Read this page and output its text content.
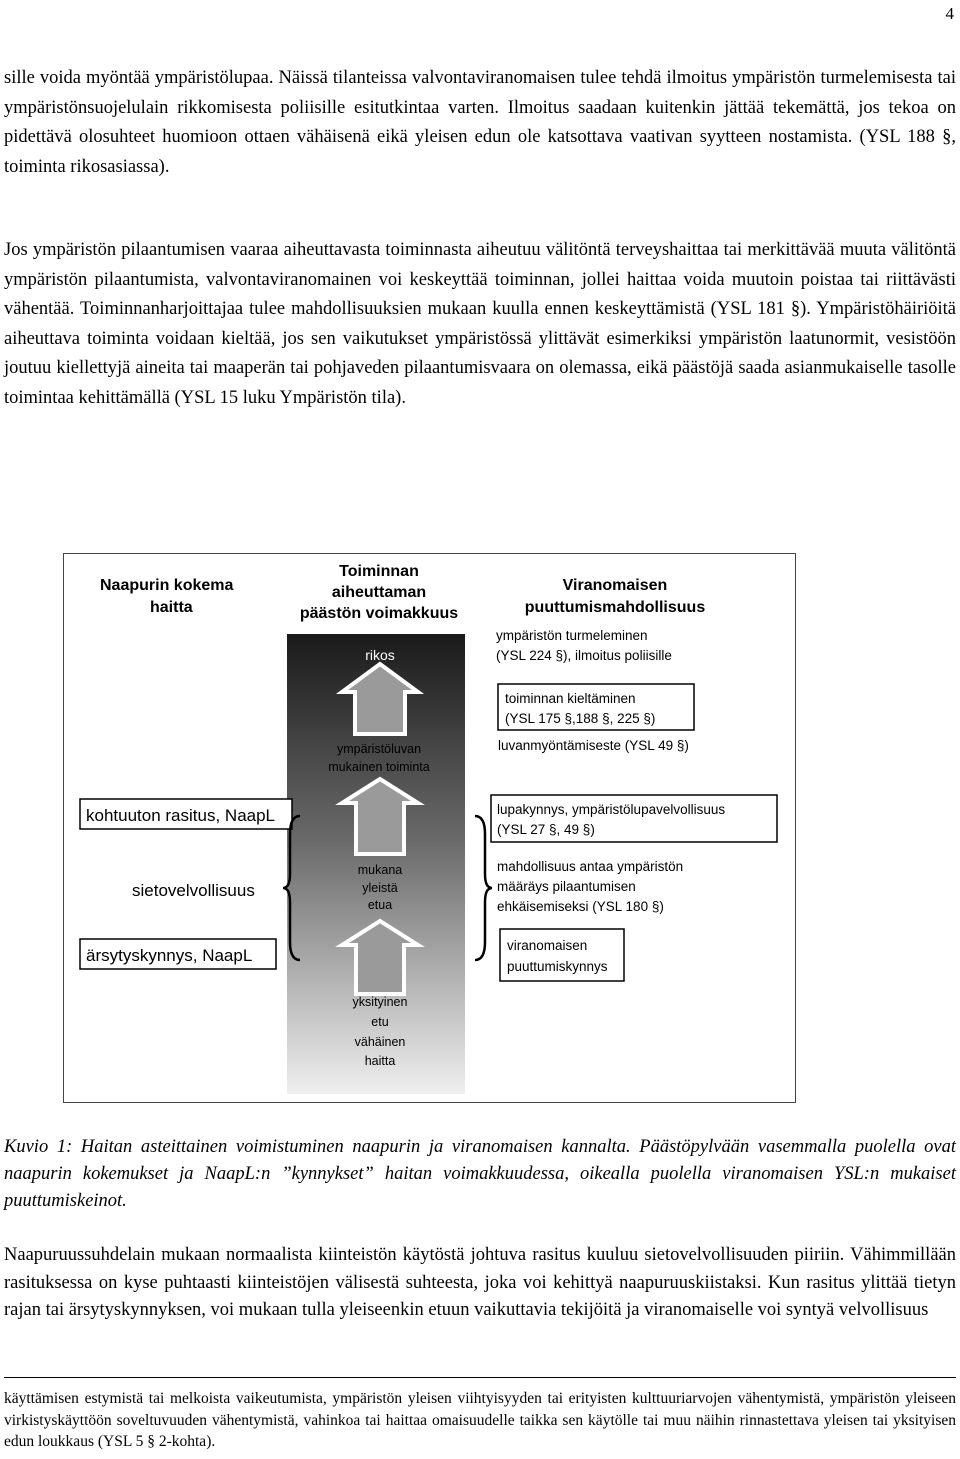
4

sille voida myöntää ympäristölupaa. Näissä tilanteissa valvontaviranomaisen tulee tehdä ilmoitus ympäristön turmelemisesta tai ympäristönsuojelulain rikkomisesta poliisille esitutkintaa varten. Ilmoitus saadaan kuitenkin jättää tekemättä, jos tekoa on pidettävä olosuhteet huomioon ottaen vähäisenä eikä yleisen edun ole katsottava vaativan syytteen nostamista. (YSL 188 §, toiminta rikosasiassa).

Jos ympäristön pilaantumisen vaaraa aiheuttavasta toiminnasta aiheutuu välitöntä terveyshaittaa tai merkittävää muuta välitöntä ympäristön pilaantumista, valvontaviranomainen voi keskeyttää toiminnan, jollei haittaa voida muutoin poistaa tai riittävästi vähentää. Toiminnanharjoittajaa tulee mahdollisuuksien mukaan kuulla ennen keskeyttämistä (YSL 181 §). Ympäristöhäiriöitä aiheuttava toiminta voidaan kieltää, jos sen vaikutukset ympäristössä ylittävät esimerkiksi ympäristön laatunormit, vesistöön joutuu kiellettyjä aineita tai maaperän tai pohjaveden pilaantumisvaara on olemassa, eikä päästöjä saada asianmukaiselle tasolle toimintaa kehittämällä (YSL 15 luku Ympäristön tila).

Naapurin kokema
haitta
Toiminnan
aiheuttaman
päästön voimakkuus
Viranomaisen
puuttumismahdollisuus
rikos
ympäristöluvan
mukainen toiminta
mukana
yleistä
etua
yksityinen
etu
vähäinen
haitta
kohtuuton rasitus, NaapL
sietovelvollisuus
ärsytyskynnys, NaapL
ympäristön turmeleminen
(YSL 224 §), ilmoitus poliisille
toiminnan kieltäminen
(YSL 175 §,188 §, 225 §)
luvanmyöntämiseste (YSL 49 §)
lupakynnys, ympäristölupavelvollisuus
(YSL 27 §, 49 §)
mahdollisuus antaa ympäristön
määräys pilaantumisen
ehkäisemiseksi (YSL 180 §)
viranomaisen
puuttumiskynnys

Kuvio 1: Haitan asteittainen voimistuminen naapurin ja viranomaisen kannalta. Päästöpylvään vasemmalla puolella ovat naapurin kokemukset ja NaapL:n ”kynnykset” haitan voimakkuudessa, oikealla puolella viranomaisen YSL:n mukaiset puuttumiskeinot.

Naapuruussuhdelain mukaan normaalista kiinteistön käytöstä johtuva rasitus kuuluu sietovelvollisuuden piiriin. Vähimmillään rasituksessa on kyse puhtaasti kiinteistöjen välisestä suhteesta, joka voi kehittyä naapuruuskiistaksi. Kun rasitus ylittää tietyn rajan tai ärsytyskynnyksen, voi mukaan tulla yleiseenkin etuun vaikuttavia tekijöitä ja viranomaiselle voi syntyä velvollisuus

käyttämisen estymistä tai melkoista vaikeutumista, ympäristön yleisen viihtyisyyden tai erityisten kulttuuriarvojen vähentymistä, ympäristön yleiseen virkistyskäyttöön soveltuvuuden vähentymistä, vahinkoa tai haittaa omaisuudelle taikka sen käytölle tai muu näihin rinnastettava yleisen tai yksityisen edun loukkaus (YSL 5 § 2-kohta).
